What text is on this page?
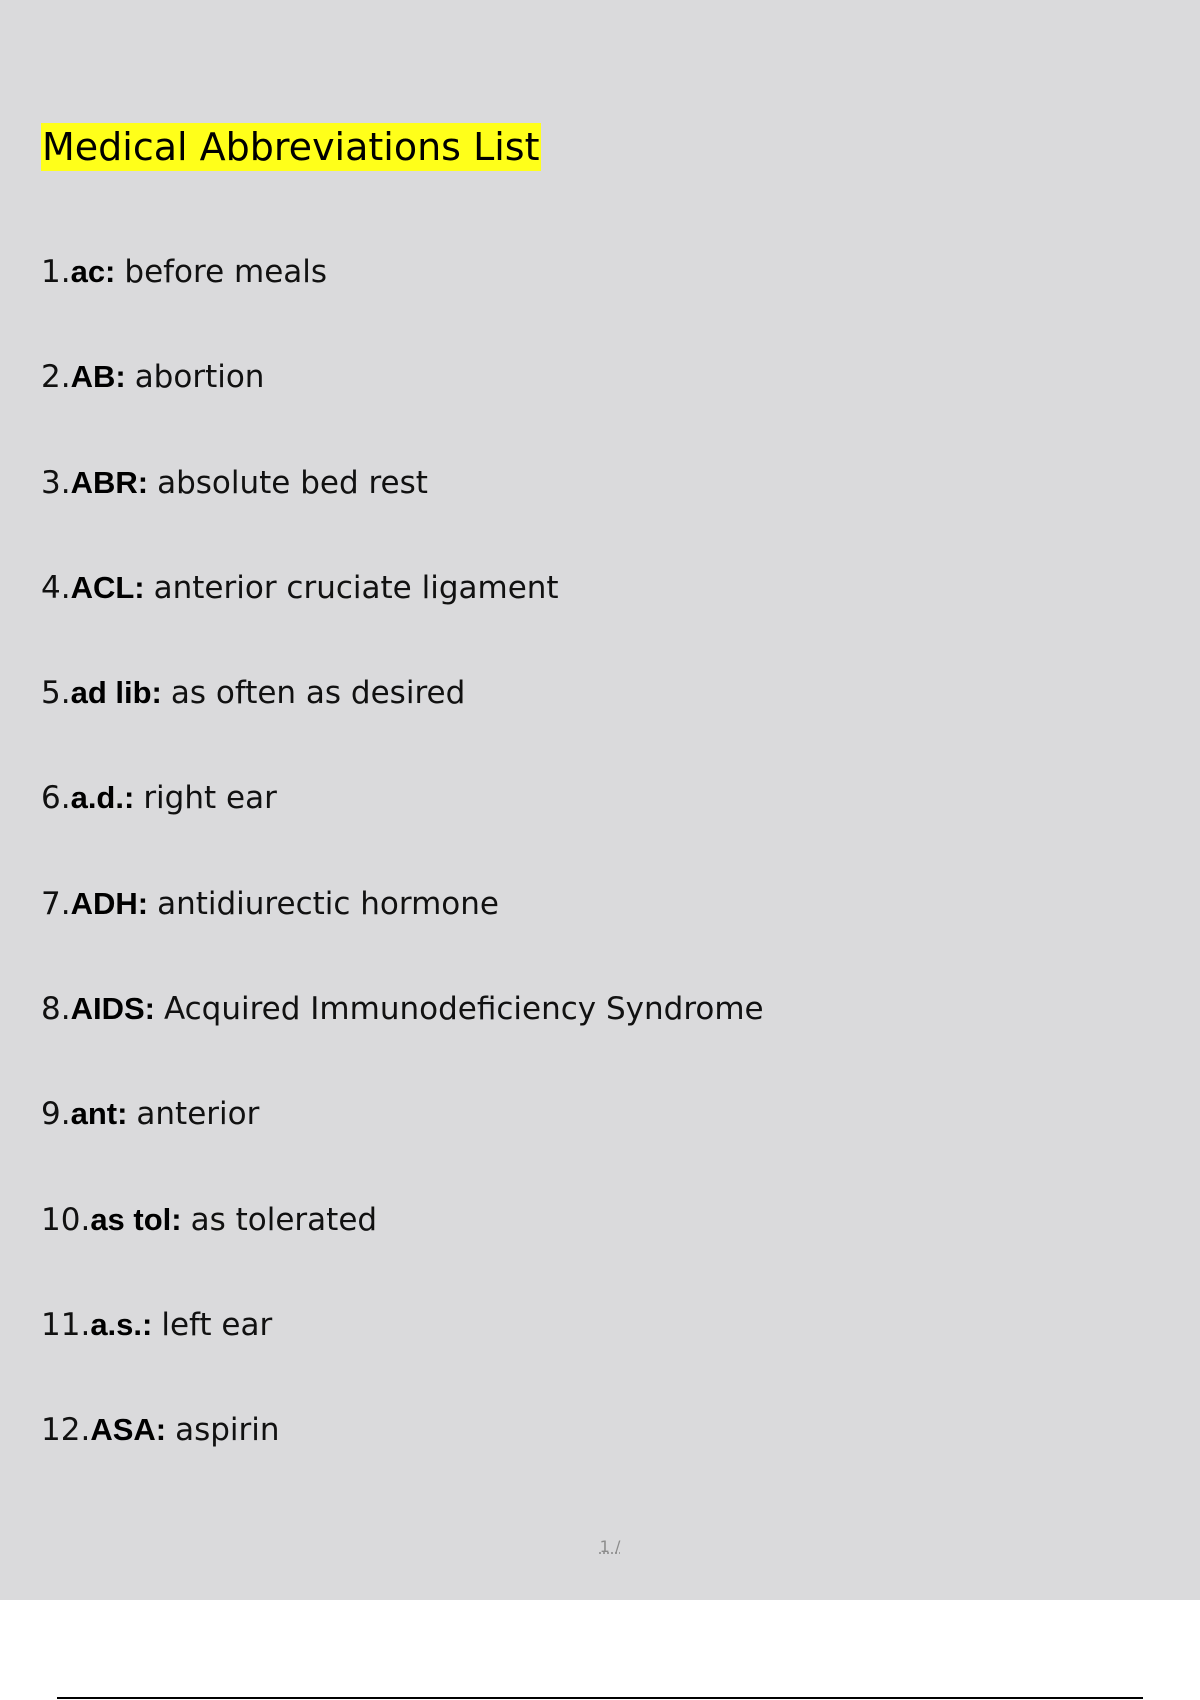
Medical Abbreviations List
1. ac: before meals
2. AB: abortion
3. ABR: absolute bed rest
4. ACL: anterior cruciate ligament
5. ad lib: as often as desired
6. a.d.: right ear
7. ADH: antidiurectic hormone
8. AIDS: Acquired Immunodeficiency Syndrome
9. ant: anterior
10. as tol: as tolerated
11. a.s.: left ear
12. ASA: aspirin
1 /
